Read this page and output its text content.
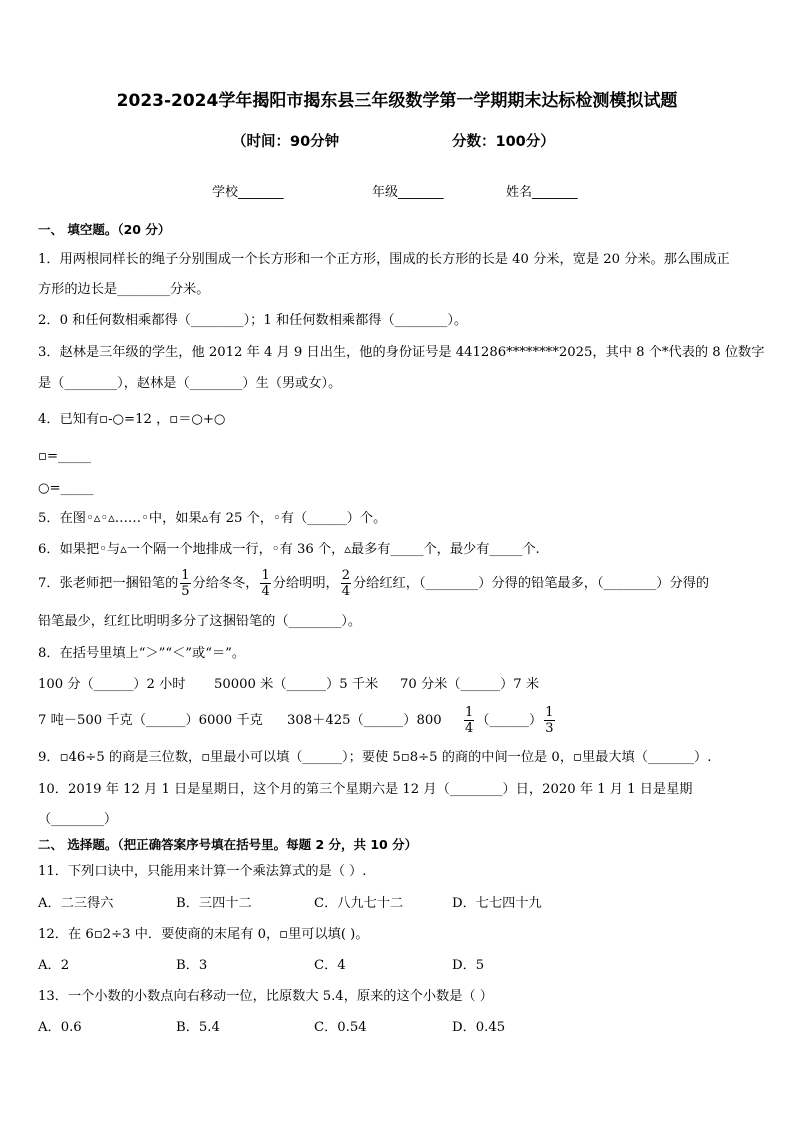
2023-2024学年揭阳市揭东县三年级数学第一学期期末达标检测模拟试题
（时间：90分钟	分数：100分）
学校_______	年级_______	姓名_______
一、 填空题。（20 分）
1．用两根同样长的绳子分别围成一个长方形和一个正方形，围成的长方形的长是 40 分米，宽是 20 分米。那么围成正
方形的边长是________分米。
2．0 和任何数相乘都得（________）；1 和任何数相乘都得（________）。
3．赵林是三年级的学生，他 2012 年 4 月 9 日出生，他的身份证号是 441286********2025，其中 8 个*代表的 8 位数字
是（________），赵林是（________）生（男或女）。
4．已知有▫-○=12 ，▫＝○+○
▫=_____
○=_____
5．在图◦▵◦▵……◦中，如果▵有 25 个，◦有（______）个。
6．如果把◦与▵一个隔一个地排成一行，◦有 36 个，▵最多有_____个，最少有_____个.
7．张老师把一捆铅笔的 $\frac{1}{5}$ 分给冬冬， $\frac{1}{4}$ 分给明明， $\frac{2}{4}$ 分给红红，（________）分得的铅笔最多，（________）分得的
铅笔最少，红红比明明多分了这捆铅笔的（________）。
8．在括号里填上“＞”“＜”或“＝”。
100 分（______）2 小时 50000 米（______）5 千米 70 分米（______）7 米
7 吨－500 千克（______）6000 千克 308＋425（______）800 $\frac{1}{4}$ （______） $\frac{1}{3}$
9．▫46÷5 的商是三位数，▫里最小可以填（______）；要使 5▫8÷5 的商的中间一位是 0，▫里最大填（_______）.
10．2019 年 12 月 1 日是星期日，这个月的第三个星期六是 12 月（________）日，2020 年 1 月 1 日是星期
（________）
二、 选择题。（把正确答案序号填在括号里。每题 2 分，共 10 分）
11．下列口诀中，只能用来计算一个乘法算式的是（ ）.
A．二三得六	B．三四十二	C．八九七十二	D．七七四十九
12．在 6▫2÷3 中．要使商的末尾有 0，▫里可以填( )。
A．2	B．3	C．4	D．5
13．一个小数的小数点向右移动一位，比原数大 5.4，原来的这个小数是（ ）
A．0.6	B．5.4	C．0.54	D．0.45
